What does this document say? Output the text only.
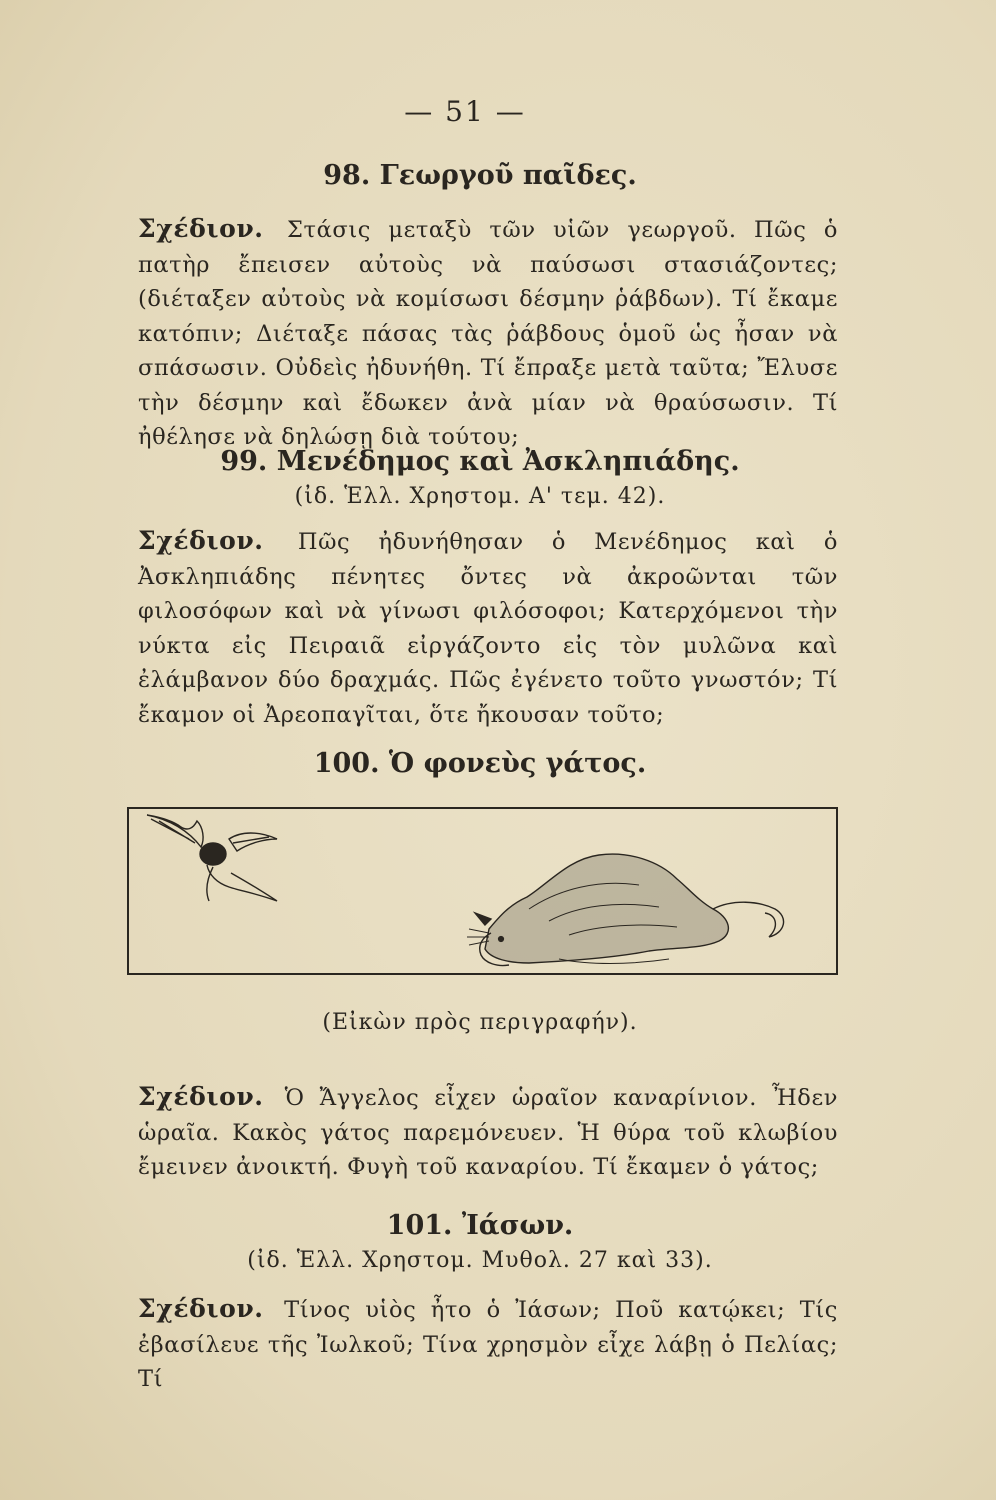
— 51 —
98. Γεωργοῦ παῖδες.
Σχέδιον. Στάσις μεταξὺ τῶν υἱῶν γεωργοῦ. Πῶς ὁ πατὴρ ἔπεισεν αὐτοὺς νὰ παύσωσι στασιάζοντες; (διέταξεν αὐτοὺς νὰ κομίσωσι δέσμην ῥάβδων). Τί ἔκαμε κατόπιν; Διέταξε πάσας τὰς ῥάβδους ὁμοῦ ὡς ἦσαν νὰ σπάσωσιν. Οὐδεὶς ἠδυνήθη. Τί ἔπραξε μετὰ ταῦτα; Ἔλυσε τὴν δέσμην καὶ ἔδωκεν ἀνὰ μίαν νὰ θραύσωσιν. Τί ἠθέλησε νὰ δηλώσῃ διὰ τούτου;
99. Μενέδημος καὶ Ἀσκληπιάδης.
(ἰδ. Ἑλλ. Χρηστομ. Α' τεμ. 42).
Σχέδιον. Πῶς ἠδυνήθησαν ὁ Μενέδημος καὶ ὁ Ἀσκληπιάδης πένητες ὄντες νὰ ἀκροῶνται τῶν φιλοσόφων καὶ νὰ γίνωσι φιλόσοφοι; Κατερχόμενοι τὴν νύκτα εἰς Πειραιᾶ εἰργάζοντο εἰς τὸν μυλῶνα καὶ ἐλάμβανον δύο δραχμάς. Πῶς ἐγένετο τοῦτο γνωστόν; Τί ἔκαμον οἱ Ἀρεοπαγῖται, ὅτε ἤκουσαν τοῦτο;
100. Ὁ φονεὺς γάτος.
(Εἰκὼν πρὸς περιγραφήν).
Σχέδιον. Ὁ Ἄγγελος εἶχεν ὡραῖον καναρίνιον. Ἦδεν ὡραῖα. Κακὸς γάτος παρεμόνευεν. Ἡ θύρα τοῦ κλωβίου ἔμεινεν ἀνοικτή. Φυγὴ τοῦ καναρίου. Τί ἔκαμεν ὁ γάτος;
101. Ἰάσων.
(ἰδ. Ἑλλ. Χρηστομ. Μυθολ. 27 καὶ 33).
Σχέδιον. Τίνος υἱὸς ἦτο ὁ Ἰάσων; Ποῦ κατῴκει; Τίς ἐβασίλευε τῆς Ἰωλκοῦ; Τίνα χρησμὸν εἶχε λάβῃ ὁ Πελίας; Τί
